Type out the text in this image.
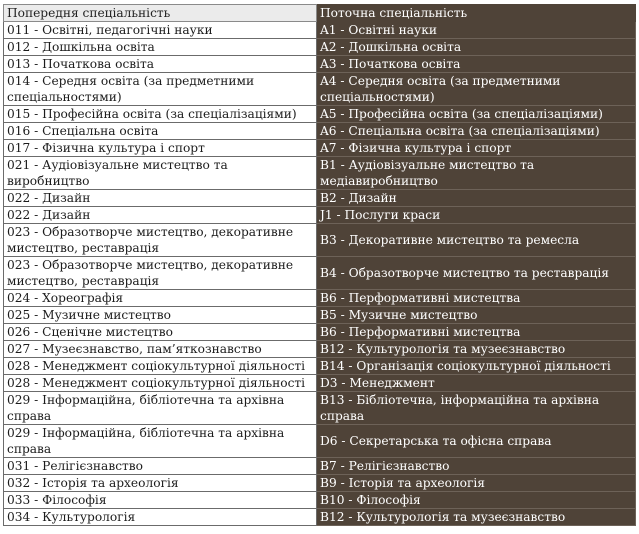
Попередня спеціальність	Поточна спеціальність
011 - Освітні, педагогічні науки	A1 - Освітні науки
012 - Дошкільна освіта	A2 - Дошкільна освіта
013 - Початкова освіта	A3 - Початкова освіта
014 - Середня освіта (за предметними спеціальностями)	A4 - Середня освіта (за предметними спеціальностями)
015 - Професійна освіта (за спеціалізаціями)	A5 - Професійна освіта (за спеціалізаціями)
016 - Спеціальна освіта	A6 - Спеціальна освіта (за спеціалізаціями)
017 - Фізична культура і спорт	A7 - Фізична культура і спорт
021 - Аудіовізуальне мистецтво та виробництво	B1 - Аудіовізуальне мистецтво та медіавиробництво
022 - Дизайн	B2 - Дизайн
022 - Дизайн	J1 - Послуги краси
023 - Образотворче мистецтво, декоративне мистецтво, реставрація	B3 - Декоративне мистецтво та ремесла
023 - Образотворче мистецтво, декоративне мистецтво, реставрація	B4 - Образотворче мистецтво та реставрація
024 - Хореографія	B6 - Перформативні мистецтва
025 - Музичне мистецтво	B5 - Музичне мистецтво
026 - Сценічне мистецтво	B6 - Перформативні мистецтва
027 - Музеєзнавство, пам’яткознавство	B12 - Культурологія та музеєзнавство
028 - Менеджмент соціокультурної діяльності	B14 - Організація соціокультурної діяльності
028 - Менеджмент соціокультурної діяльності	D3 - Менеджмент
029 - Інформаційна, бібліотечна та архівна справа	B13 - Бібліотечна, інформаційна та архівна справа
029 - Інформаційна, бібліотечна та архівна справа	D6 - Секретарська та офісна справа
031 - Релігієзнавство	B7 - Релігієзнавство
032 - Історія та археологія	B9 - Історія та археологія
033 - Філософія	B10 - Філософія
034 - Культурологія	B12 - Культурологія та музеєзнавство
